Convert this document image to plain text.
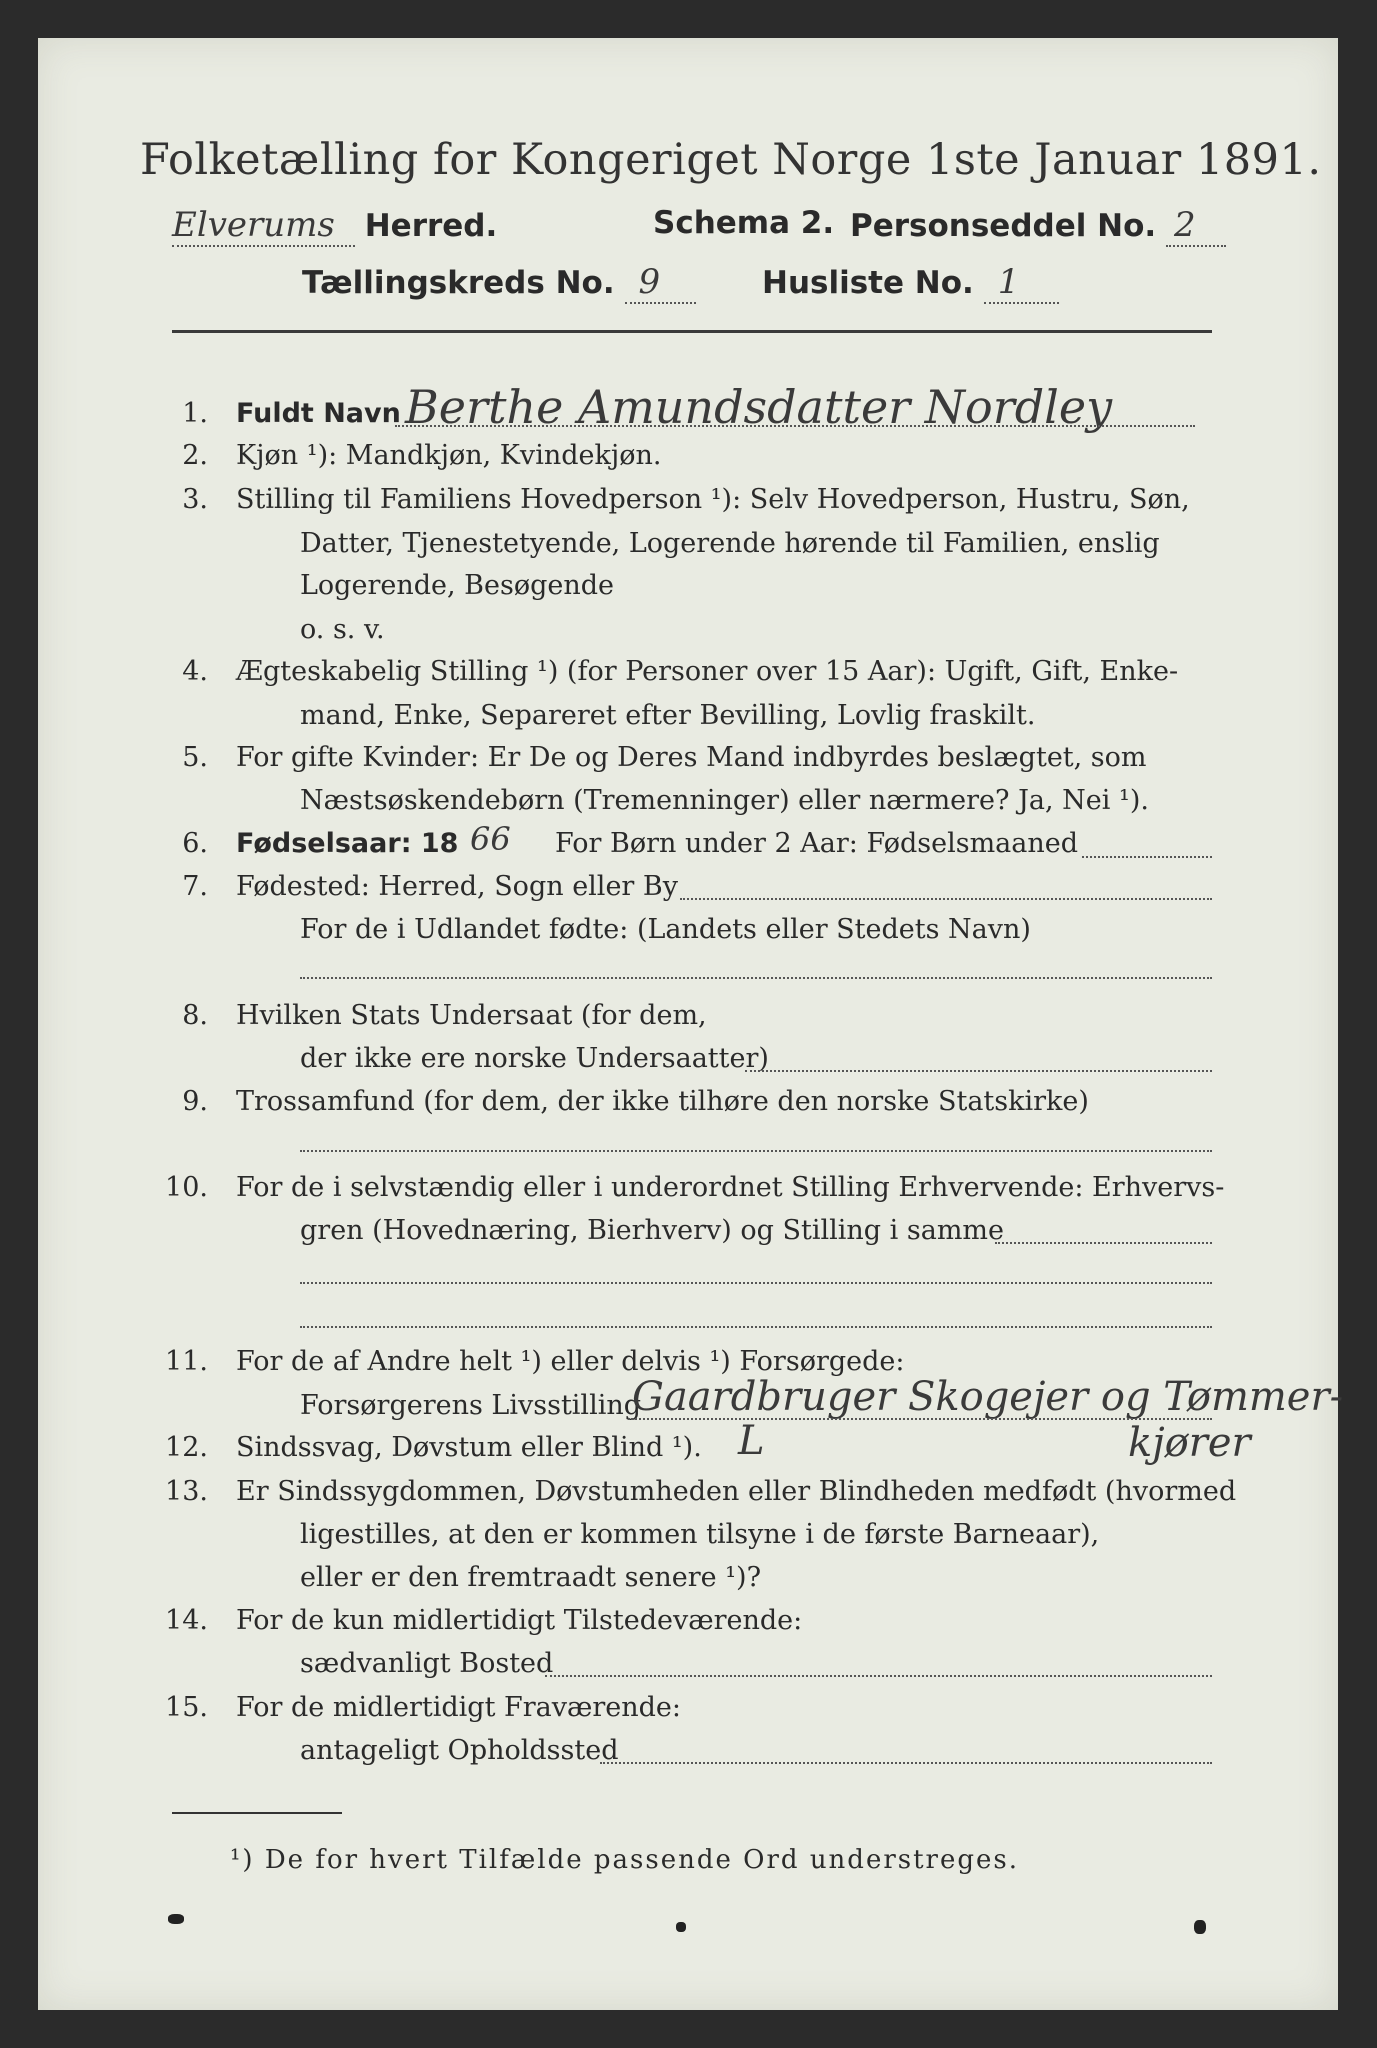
Folketælling for Kongeriget Norge 1ste Januar 1891.
Elverums Herred.	Schema 2. Personseddel No. 2
Tællingskreds No. 9	Husliste No. 1
1. Fuldt Navn Berthe Amundsdatter Nordley
2. Kjøn ¹): Mandkjøn, Kvindekjøn.
3. Stilling til Familiens Hovedperson ¹): Selv Hovedperson, Hustru, Søn,
Datter, Tjenestetyende, Logerende hørende til Familien, enslig
Logerende, Besøgende
o. s. v.
4. Ægteskabelig Stilling ¹) (for Personer over 15 Aar): Ugift, Gift, Enke-
mand, Enke, Separeret efter Bevilling, Lovlig fraskilt.
5. For gifte Kvinder: Er De og Deres Mand indbyrdes beslægtet, som
Næstsøskendebørn (Tremenninger) eller nærmere? Ja, Nei ¹).
6. Fødselsaar: 18 66 For Børn under 2 Aar: Fødselsmaaned
7. Fødested: Herred, Sogn eller By
For de i Udlandet fødte: (Landets eller Stedets Navn)
8. Hvilken Stats Undersaat (for dem,
der ikke ere norske Undersaatter)
9. Trossamfund (for dem, der ikke tilhøre den norske Statskirke)
10. For de i selvstændig eller i underordnet Stilling Erhvervende: Erhvervs-
gren (Hovednæring, Bierhverv) og Stilling i samme
11. For de af Andre helt ¹) eller delvis ¹) Forsørgede:
Forsørgerens Livsstilling
Gaardbruger Skogejer og Tømmer-
12. Sindssvag, Døvstum eller Blind ¹). L	kjører
13. Er Sindssygdommen, Døvstumheden eller Blindheden medfødt (hvormed
ligestilles, at den er kommen tilsyne i de første Barneaar),
eller er den fremtraadt senere ¹)?
14. For de kun midlertidigt Tilstedeværende:
sædvanligt Bosted
15. For de midlertidigt Fraværende:
antageligt Opholdssted
¹) De for hvert Tilfælde passende Ord understreges.
